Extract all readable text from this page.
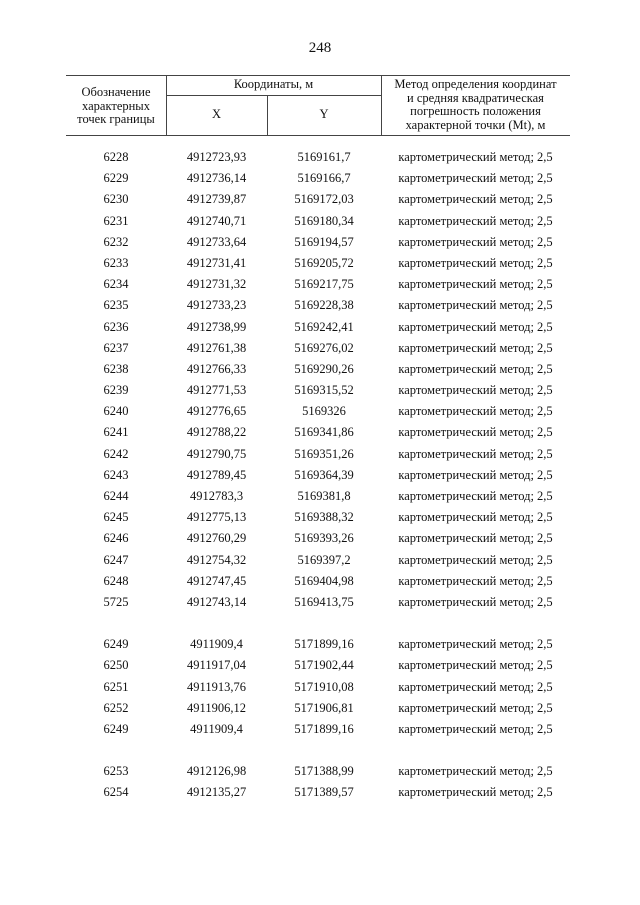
248
Обозначение
характерных
точек границы
Координаты, м
X	Y
Метод определения координат
и средняя квадратическая
погрешность положения
характерной точки (Mt), м
6228	4912723,93	5169161,7	картометрический метод; 2,5
6229	4912736,14	5169166,7	картометрический метод; 2,5
6230	4912739,87	5169172,03	картометрический метод; 2,5
6231	4912740,71	5169180,34	картометрический метод; 2,5
6232	4912733,64	5169194,57	картометрический метод; 2,5
6233	4912731,41	5169205,72	картометрический метод; 2,5
6234	4912731,32	5169217,75	картометрический метод; 2,5
6235	4912733,23	5169228,38	картометрический метод; 2,5
6236	4912738,99	5169242,41	картометрический метод; 2,5
6237	4912761,38	5169276,02	картометрический метод; 2,5
6238	4912766,33	5169290,26	картометрический метод; 2,5
6239	4912771,53	5169315,52	картометрический метод; 2,5
6240	4912776,65	5169326	картометрический метод; 2,5
6241	4912788,22	5169341,86	картометрический метод; 2,5
6242	4912790,75	5169351,26	картометрический метод; 2,5
6243	4912789,45	5169364,39	картометрический метод; 2,5
6244	4912783,3	5169381,8	картометрический метод; 2,5
6245	4912775,13	5169388,32	картометрический метод; 2,5
6246	4912760,29	5169393,26	картометрический метод; 2,5
6247	4912754,32	5169397,2	картометрический метод; 2,5
6248	4912747,45	5169404,98	картометрический метод; 2,5
5725	4912743,14	5169413,75	картометрический метод; 2,5
6249	4911909,4	5171899,16	картометрический метод; 2,5
6250	4911917,04	5171902,44	картометрический метод; 2,5
6251	4911913,76	5171910,08	картометрический метод; 2,5
6252	4911906,12	5171906,81	картометрический метод; 2,5
6249	4911909,4	5171899,16	картометрический метод; 2,5
6253	4912126,98	5171388,99	картометрический метод; 2,5
6254	4912135,27	5171389,57	картометрический метод; 2,5
